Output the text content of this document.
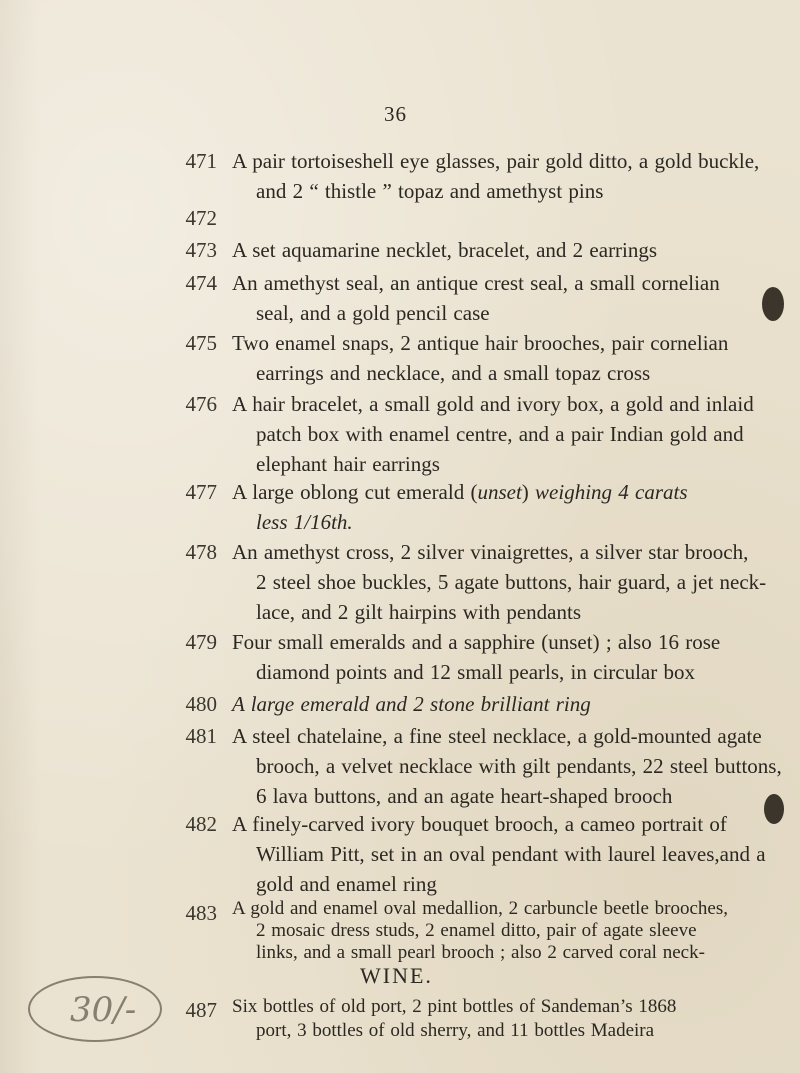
36
471 A pair tortoiseshell eye glasses, pair gold ditto, a gold buckle,
and 2 “ thistle ” topaz and amethyst pins
472
473 A set aquamarine necklet, bracelet, and 2 earrings
474 An amethyst seal, an antique crest seal, a small cornelian
seal, and a gold pencil case
475 Two enamel snaps, 2 antique hair brooches, pair cornelian
earrings and necklace, and a small topaz cross
476 A hair bracelet, a small gold and ivory box, a gold and inlaid
patch box with enamel centre, and a pair Indian gold and
elephant hair earrings
477 A large oblong cut emerald (unset) weighing 4 carats
less 1/16th.
478 An amethyst cross, 2 silver vinaigrettes, a silver star brooch,
2 steel shoe buckles, 5 agate buttons, hair guard, a jet neck-
lace, and 2 gilt hairpins with pendants
479 Four small emeralds and a sapphire (unset) ; also 16 rose
diamond points and 12 small pearls, in circular box
480 A large emerald and 2 stone brilliant ring
481 A steel chatelaine, a fine steel necklace, a gold-mounted agate
brooch, a velvet necklace with gilt pendants, 22 steel buttons,
6 lava buttons, and an agate heart-shaped brooch
482 A finely-carved ivory bouquet brooch, a cameo portrait of
William Pitt, set in an oval pendant with laurel leaves,and a
gold and enamel ring
483 A gold and enamel oval medallion, 2 carbuncle beetle brooches,
2 mosaic dress studs, 2 enamel ditto, pair of agate sleeve
links, and a small pearl brooch ; also 2 carved coral neck-
WINE.
487 Six bottles of old port, 2 pint bottles of Sandeman’s 1868
port, 3 bottles of old sherry, and 11 bottles Madeira
30/-
